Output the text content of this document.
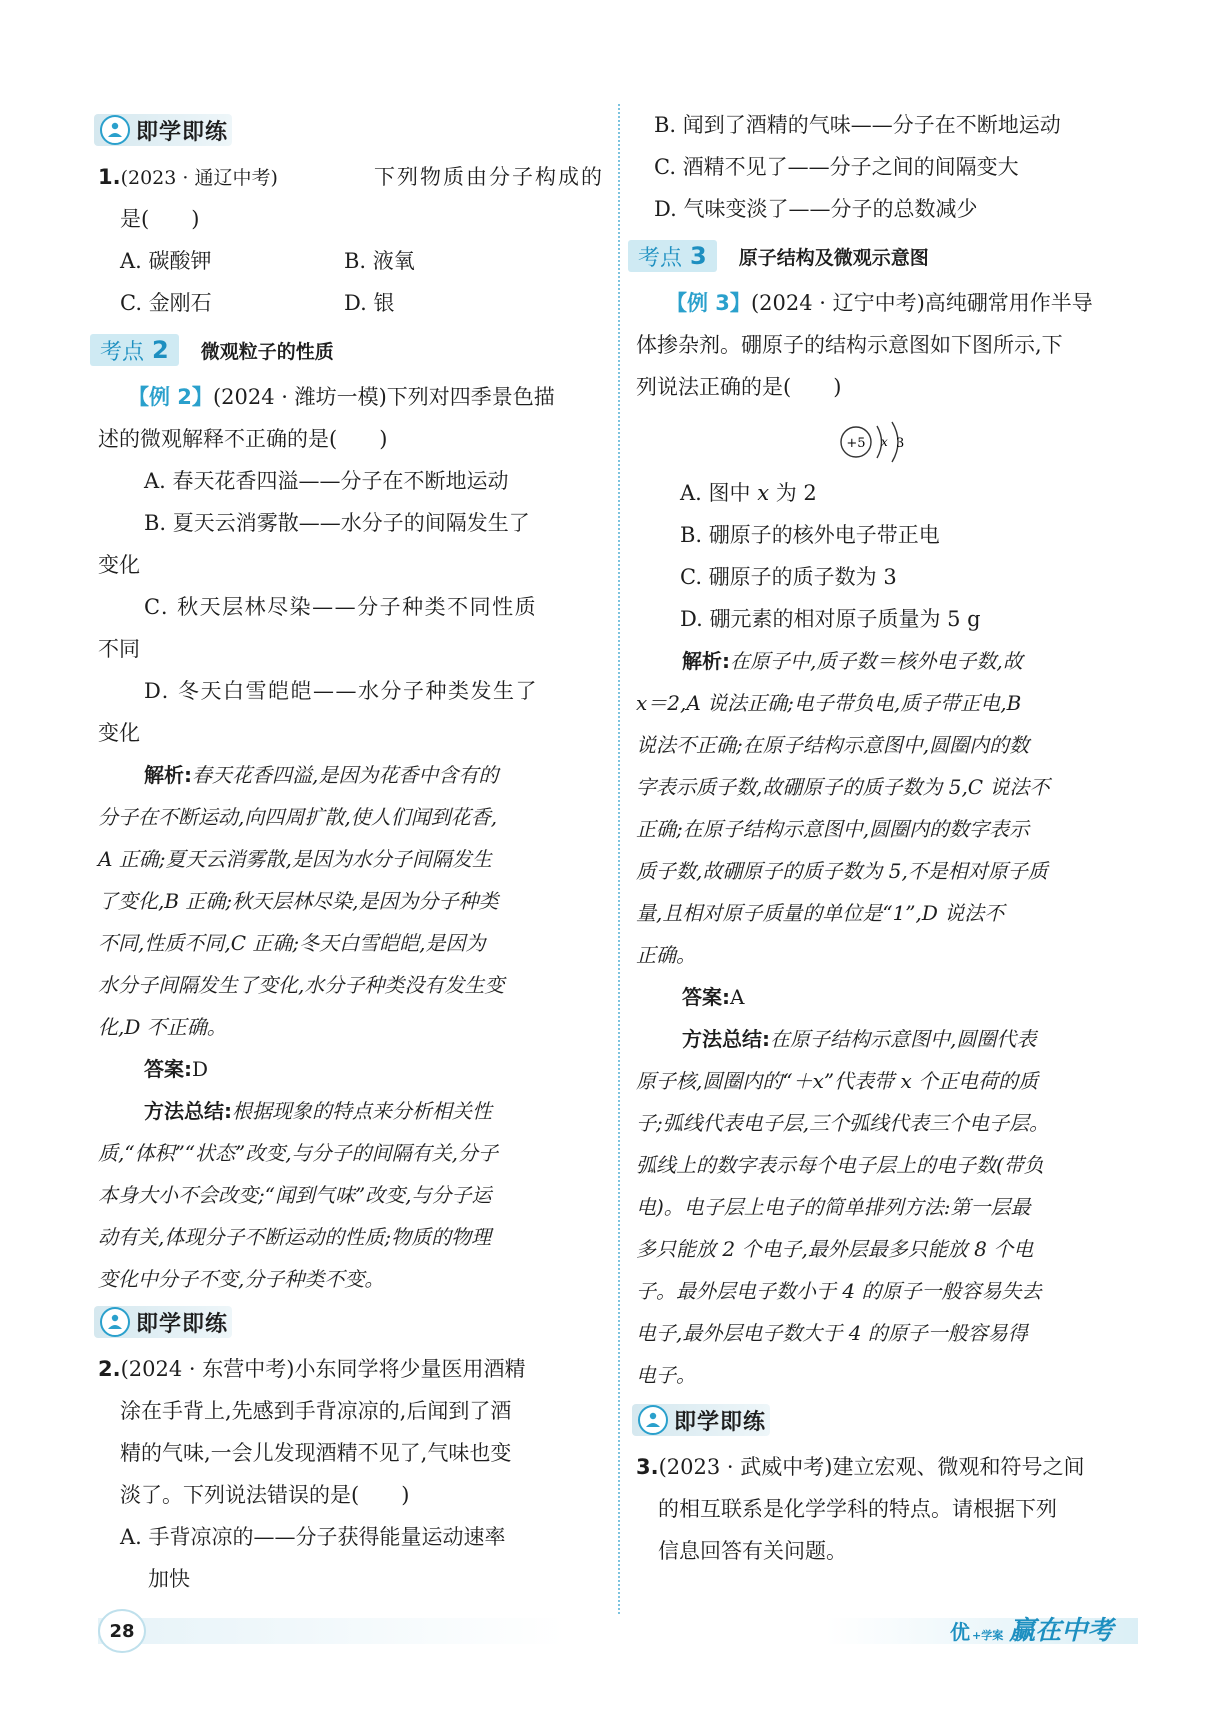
即学即练
1.(2023 · 通辽中考)	下列物质由分子构成的
是(　　)
A. 碳酸钾	B. 液氧
C. 金刚石	D. 银
考点 2 微观粒子的性质
【例 2】(2024 · 潍坊一模)下列对四季景色描
述的微观解释不正确的是(　　)
A. 春天花香四溢——分子在不断地运动
B. 夏天云消雾散——水分子的间隔发生了
变化
C. 秋天层林尽染——分子种类不同性质
不同
D. 冬天白雪皑皑——水分子种类发生了
变化
解析:春天花香四溢,是因为花香中含有的
分子在不断运动,向四周扩散,使人们闻到花香,
A 正确;夏天云消雾散,是因为水分子间隔发生
了变化,B 正确;秋天层林尽染,是因为分子种类
不同,性质不同,C 正确;冬天白雪皑皑,是因为
水分子间隔发生了变化,水分子种类没有发生变
化,D 不正确。
答案:D
方法总结:根据现象的特点来分析相关性
质,“体积”“状态”改变,与分子的间隔有关,分子
本身大小不会改变;“闻到气味”改变,与分子运
动有关,体现分子不断运动的性质;物质的物理
变化中分子不变,分子种类不变。
即学即练
2.(2024 · 东营中考)小东同学将少量医用酒精
涂在手背上,先感到手背凉凉的,后闻到了酒
精的气味,一会儿发现酒精不见了,气味也变
淡了。下列说法错误的是(　　)
A. 手背凉凉的——分子获得能量运动速率
加快
B. 闻到了酒精的气味——分子在不断地运动
C. 酒精不见了——分子之间的间隔变大
D. 气味变淡了——分子的总数减少
考点 3 原子结构及微观示意图
【例 3】(2024 · 辽宁中考)高纯硼常用作半导
体掺杂剂。硼原子的结构示意图如下图所示,下
列说法正确的是(　　)
+5 x 3
A. 图中 x 为 2
B. 硼原子的核外电子带正电
C. 硼原子的质子数为 3
D. 硼元素的相对原子质量为 5 g
解析:在原子中,质子数＝核外电子数,故
x＝2,A 说法正确;电子带负电,质子带正电,B
说法不正确;在原子结构示意图中,圆圈内的数
字表示质子数,故硼原子的质子数为 5,C 说法不
正确;在原子结构示意图中,圆圈内的数字表示
质子数,故硼原子的质子数为 5,不是相对原子质
量,且相对原子质量的单位是“1”,D 说法不
正确。
答案:A
方法总结:在原子结构示意图中,圆圈代表
原子核,圆圈内的“＋x”代表带 x 个正电荷的质
子;弧线代表电子层,三个弧线代表三个电子层。
弧线上的数字表示每个电子层上的电子数(带负
电)。电子层上电子的简单排列方法:第一层最
多只能放 2 个电子,最外层最多只能放 8 个电
子。最外层电子数小于 4 的原子一般容易失去
电子,最外层电子数大于 4 的原子一般容易得
电子。
即学即练
3.(2023 · 武威中考)建立宏观、微观和符号之间
的相互联系是化学学科的特点。请根据下列
信息回答有关问题。
28	优 +学案 赢在中考
